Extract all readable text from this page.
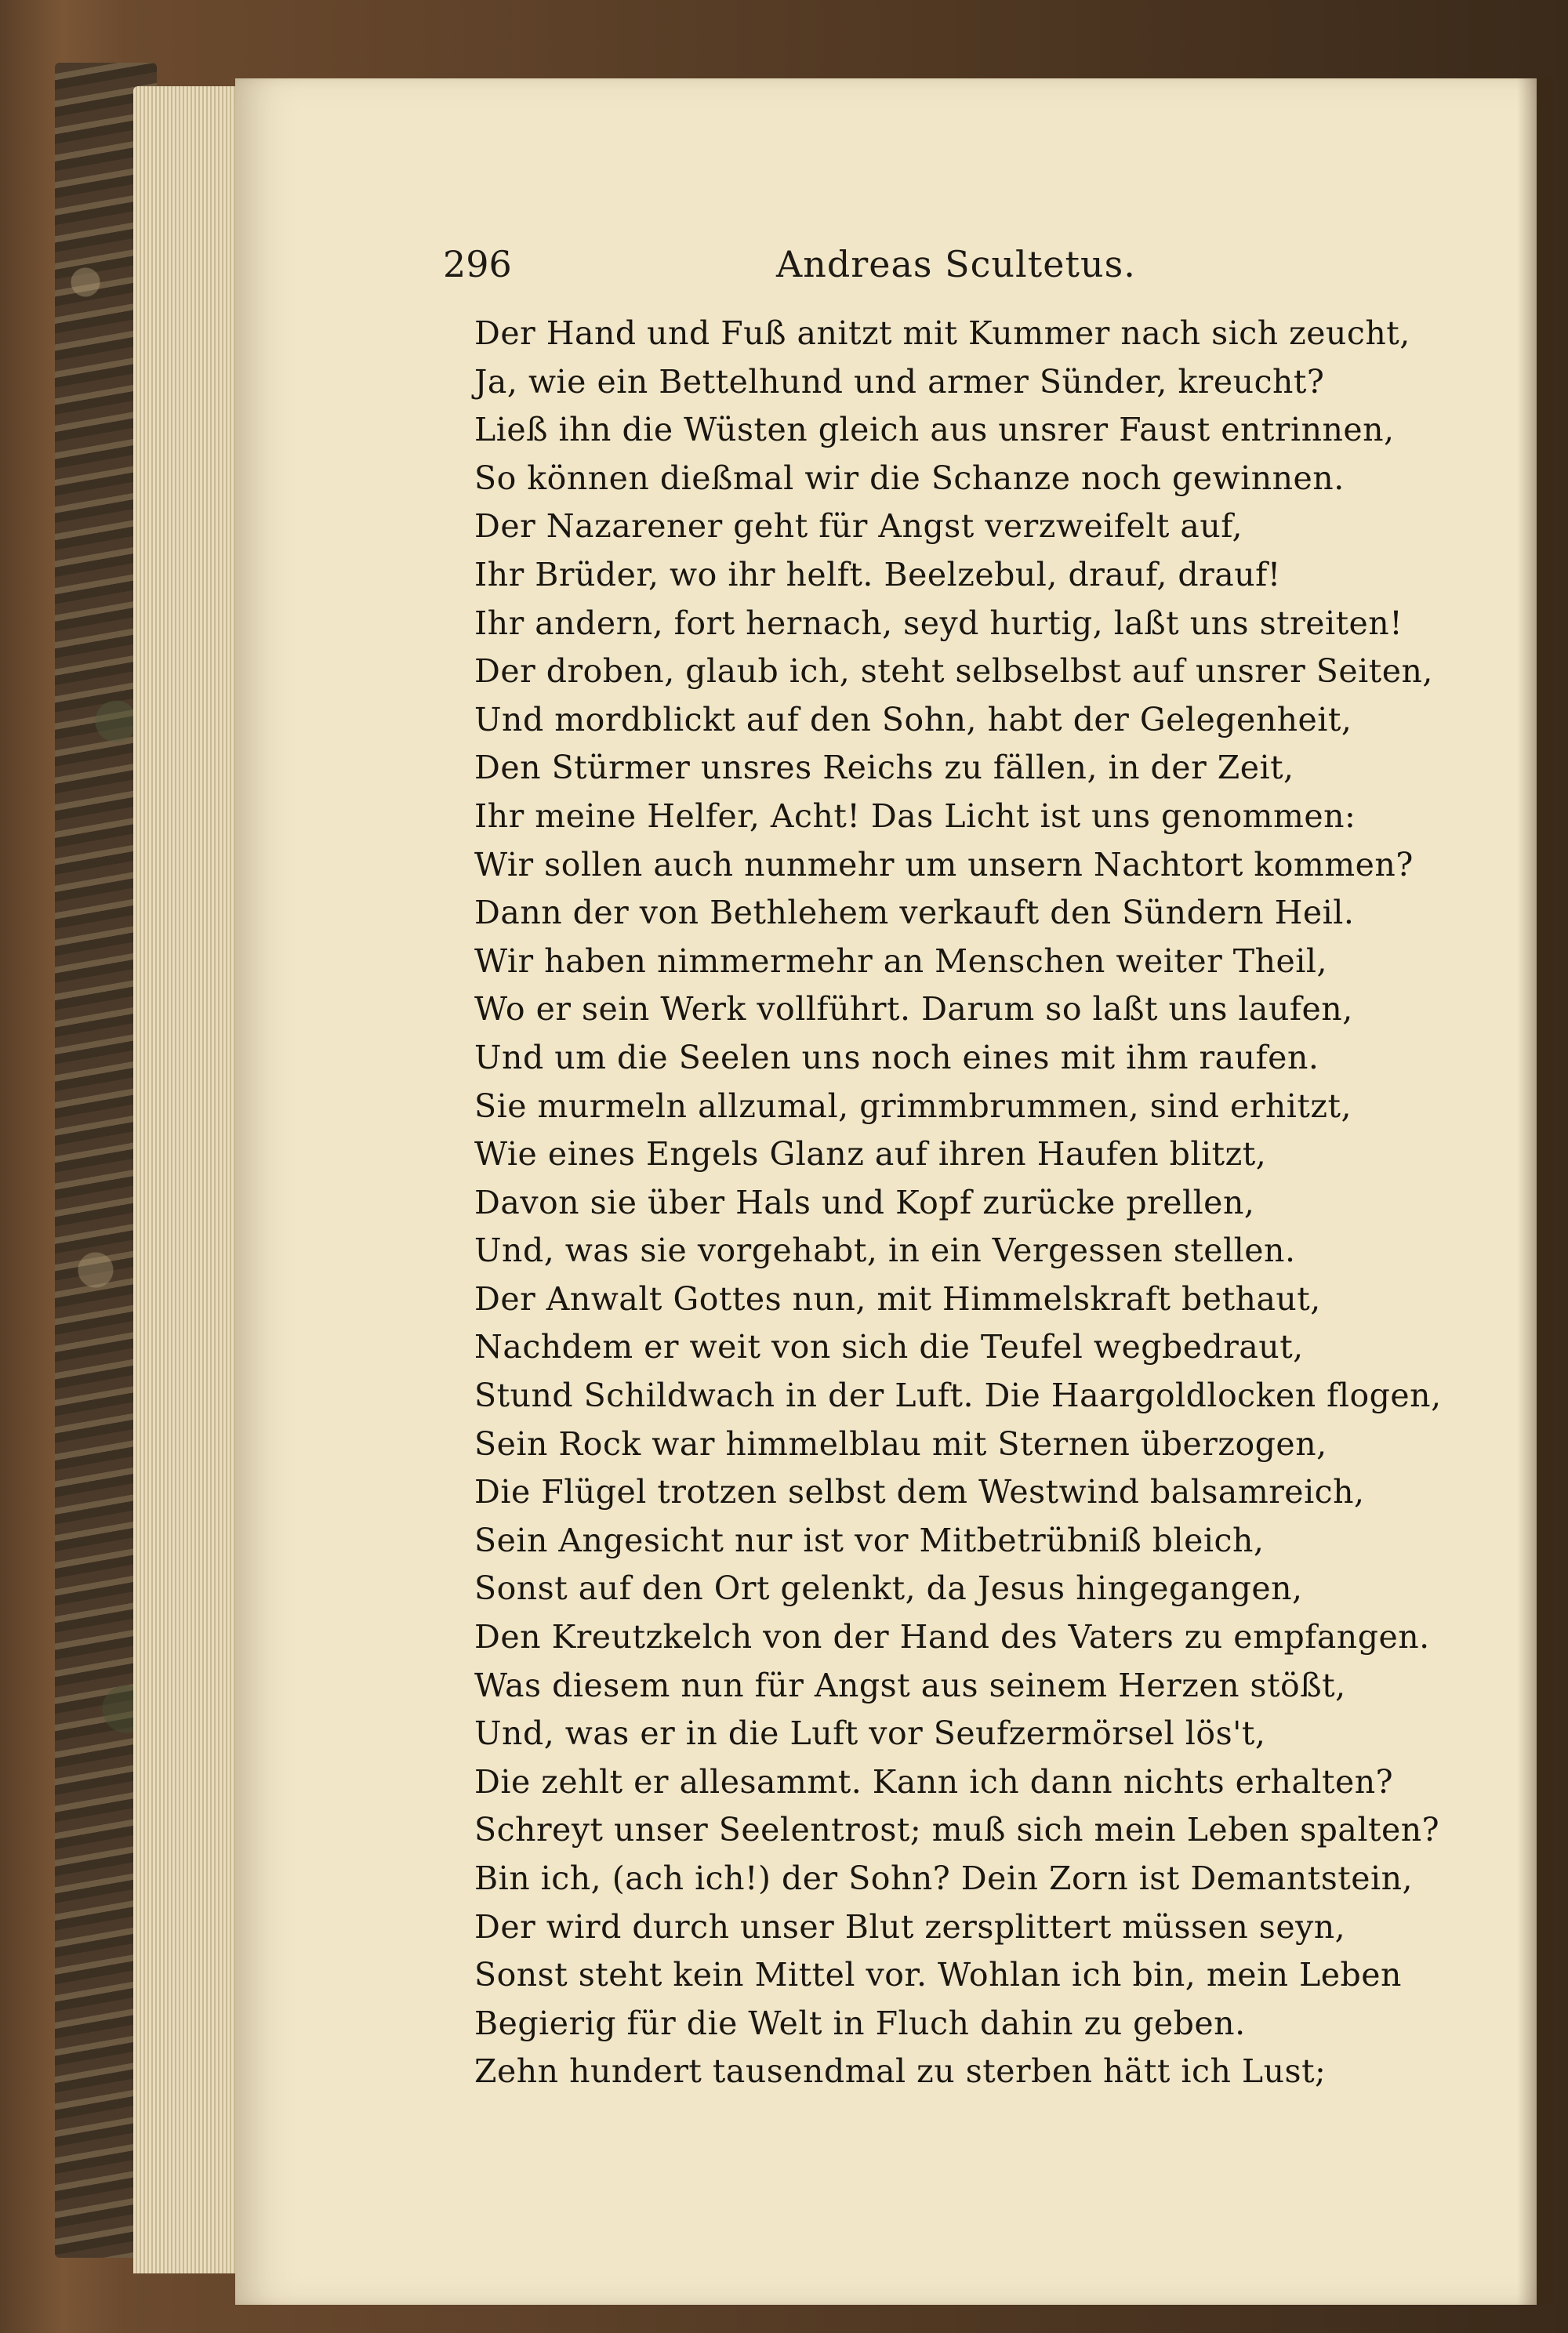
296	Andreas Scultetus.
Der Hand und Fuß anitzt mit Kummer nach sich zeucht,
Ja, wie ein Bettelhund und armer Sünder, kreucht?
Ließ ihn die Wüsten gleich aus unsrer Faust entrinnen,
So können dießmal wir die Schanze noch gewinnen.
Der Nazarener geht für Angst verzweifelt auf,
Ihr Brüder, wo ihr helft. Beelzebul, drauf, drauf!
Ihr andern, fort hernach, seyd hurtig, laßt uns streiten!
Der droben, glaub ich, steht selbselbst auf unsrer Seiten,
Und mordblickt auf den Sohn, habt der Gelegenheit,
Den Stürmer unsres Reichs zu fällen, in der Zeit,
Ihr meine Helfer, Acht! Das Licht ist uns genommen:
Wir sollen auch nunmehr um unsern Nachtort kommen?
Dann der von Bethlehem verkauft den Sündern Heil.
Wir haben nimmermehr an Menschen weiter Theil,
Wo er sein Werk vollführt. Darum so laßt uns laufen,
Und um die Seelen uns noch eines mit ihm raufen.
Sie murmeln allzumal, grimmbrummen, sind erhitzt,
Wie eines Engels Glanz auf ihren Haufen blitzt,
Davon sie über Hals und Kopf zurücke prellen,
Und, was sie vorgehabt, in ein Vergessen stellen.
Der Anwalt Gottes nun, mit Himmelskraft bethaut,
Nachdem er weit von sich die Teufel wegbedraut,
Stund Schildwach in der Luft. Die Haargoldlocken flogen,
Sein Rock war himmelblau mit Sternen überzogen,
Die Flügel trotzen selbst dem Westwind balsamreich,
Sein Angesicht nur ist vor Mitbetrübniß bleich,
Sonst auf den Ort gelenkt, da Jesus hingegangen,
Den Kreutzkelch von der Hand des Vaters zu empfangen.
Was diesem nun für Angst aus seinem Herzen stößt,
Und, was er in die Luft vor Seufzermörsel lös't,
Die zehlt er allesammt. Kann ich dann nichts erhalten?
Schreyt unser Seelentrost; muß sich mein Leben spalten?
Bin ich, (ach ich!) der Sohn? Dein Zorn ist Demantstein,
Der wird durch unser Blut zersplittert müssen seyn,
Sonst steht kein Mittel vor. Wohlan ich bin, mein Leben
Begierig für die Welt in Fluch dahin zu geben.
Zehn hundert tausendmal zu sterben hätt ich Lust;
